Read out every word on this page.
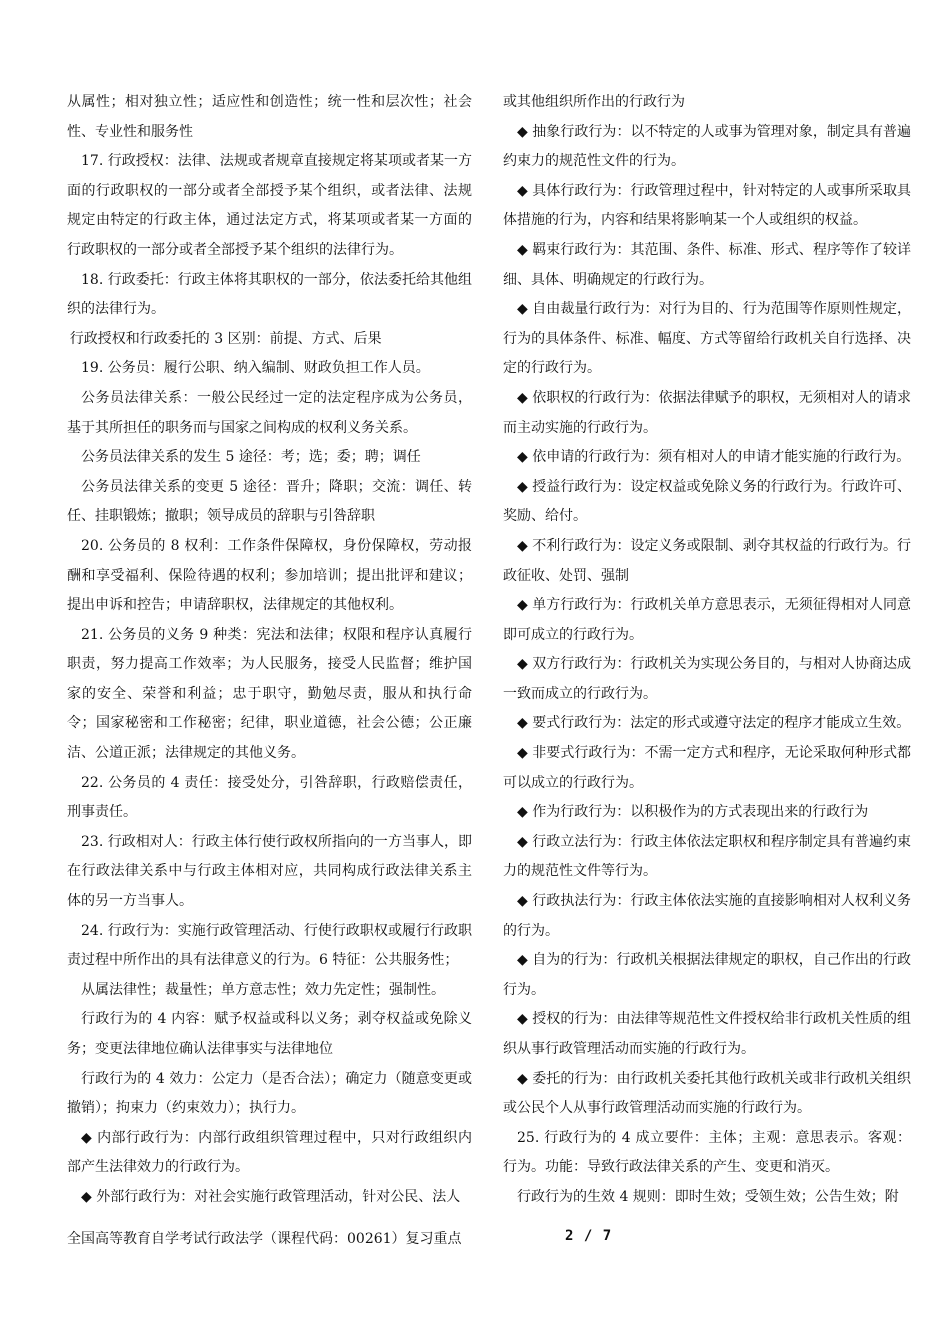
从属性；相对独立性；适应性和创造性；统一性和层次性；社会性、专业性和服务性

17. 行政授权：法律、法规或者规章直接规定将某项或者某一方面的行政职权的一部分或者全部授予某个组织，或者法律、法规规定由特定的行政主体，通过法定方式，将某项或者某一方面的行政职权的一部分或者全部授予某个组织的法律行为。

18. 行政委托：行政主体将其职权的一部分，依法委托给其他组织的法律行为。

行政授权和行政委托的 3 区别：前提、方式、后果

19. 公务员：履行公职、纳入编制、财政负担工作人员。

公务员法律关系：一般公民经过一定的法定程序成为公务员，基于其所担任的职务而与国家之间构成的权利义务关系。

公务员法律关系的发生 5 途径：考；选；委；聘；调任

公务员法律关系的变更 5 途径：晋升；降职；交流：调任、转任、挂职锻炼；撤职；领导成员的辞职与引咎辞职

20. 公务员的 8 权利：工作条件保障权，身份保障权，劳动报酬和享受福利、保险待遇的权利；参加培训；提出批评和建议；提出申诉和控告；申请辞职权，法律规定的其他权利。

21. 公务员的义务 9 种类：宪法和法律；权限和程序认真履行职责，努力提高工作效率；为人民服务，接受人民监督；维护国家的安全、荣誉和利益；忠于职守，勤勉尽责，服从和执行命令；国家秘密和工作秘密；纪律，职业道德，社会公德；公正廉洁、公道正派；法律规定的其他义务。

22. 公务员的 4 责任：接受处分，引咎辞职，行政赔偿责任，刑事责任。

23. 行政相对人：行政主体行使行政权所指向的一方当事人，即在行政法律关系中与行政主体相对应，共同构成行政法律关系主体的另一方当事人。

24. 行政行为：实施行政管理活动、行使行政职权或履行行政职责过程中所作出的具有法律意义的行为。6 特征：公共服务性；

从属法律性；裁量性；单方意志性；效力先定性；强制性。

行政行为的 4 内容：赋予权益或科以义务；剥夺权益或免除义务；变更法律地位确认法律事实与法律地位

行政行为的 4 效力：公定力（是否合法）；确定力（随意变更或撤销）；拘束力（约束效力）；执行力。

◆ 内部行政行为：内部行政组织管理过程中，只对行政组织内部产生法律效力的行政行为。

◆ 外部行政行为：对社会实施行政管理活动，针对公民、法人

或其他组织所作出的行政行为

◆ 抽象行政行为：以不特定的人或事为管理对象，制定具有普遍约束力的规范性文件的行为。

◆ 具体行政行为：行政管理过程中，针对特定的人或事所采取具体措施的行为，内容和结果将影响某一个人或组织的权益。

◆ 羁束行政行为：其范围、条件、标准、形式、程序等作了较详细、具体、明确规定的行政行为。

◆ 自由裁量行政行为：对行为目的、行为范围等作原则性规定，行为的具体条件、标准、幅度、方式等留给行政机关自行选择、决定的行政行为。

◆ 依职权的行政行为：依据法律赋予的职权，无须相对人的请求而主动实施的行政行为。

◆ 依申请的行政行为：须有相对人的申请才能实施的行政行为。

◆ 授益行政行为：设定权益或免除义务的行政行为。行政许可、奖励、给付。

◆ 不利行政行为：设定义务或限制、剥夺其权益的行政行为。行政征收、处罚、强制

◆ 单方行政行为：行政机关单方意思表示，无须征得相对人同意即可成立的行政行为。

◆ 双方行政行为：行政机关为实现公务目的，与相对人协商达成一致而成立的行政行为。

◆ 要式行政行为：法定的形式或遵守法定的程序才能成立生效。

◆ 非要式行政行为：不需一定方式和程序，无论采取何种形式都可以成立的行政行为。

◆ 作为行政行为：以积极作为的方式表现出来的行政行为

◆ 行政立法行为：行政主体依法定职权和程序制定具有普遍约束力的规范性文件等行为。

◆ 行政执法行为：行政主体依法实施的直接影响相对人权利义务的行为。

◆ 自为的行为：行政机关根据法律规定的职权，自己作出的行政行为。

◆ 授权的行为：由法律等规范性文件授权给非行政机关性质的组织从事行政管理活动而实施的行政行为。

◆ 委托的行为：由行政机关委托其他行政机关或非行政机关组织或公民个人从事行政管理活动而实施的行政行为。

25. 行政行为的 4 成立要件：主体；主观：意思表示。客观：行为。功能：导致行政法律关系的产生、变更和消灭。

行政行为的生效 4 规则：即时生效；受领生效；公告生效；附

全国高等教育自学考试行政法学（课程代码：00261）复习重点	2 / 7
